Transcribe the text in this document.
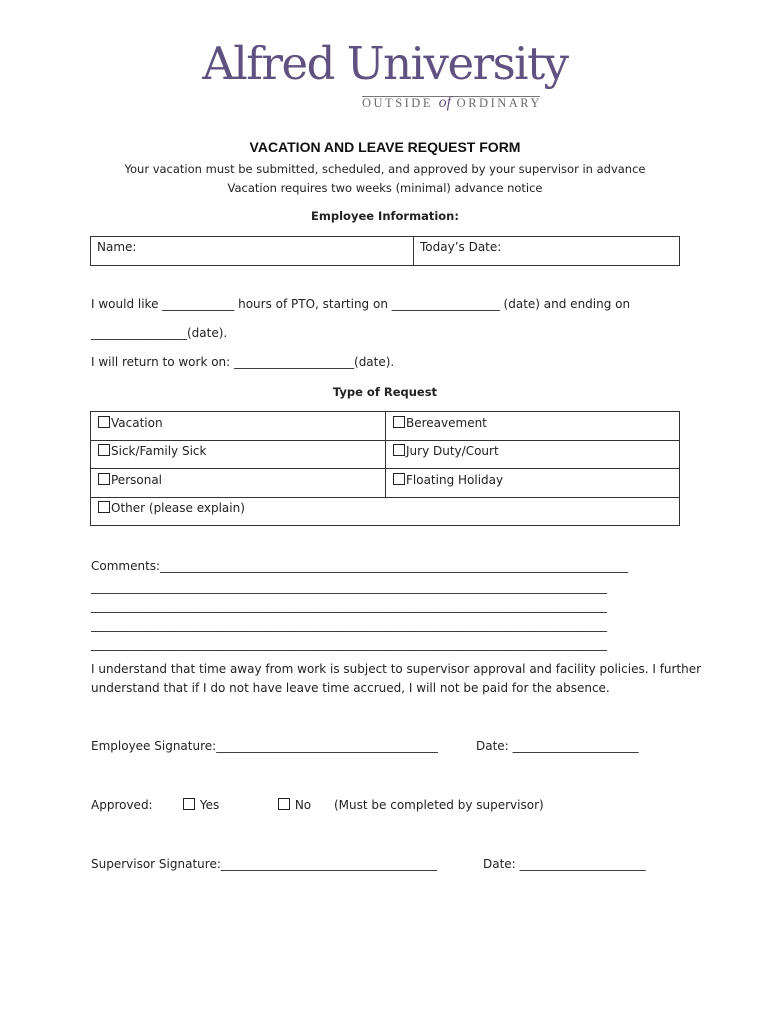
Alfred University
OUTSIDE of ORDINARY
VACATION AND LEAVE REQUEST FORM
Your vacation must be submitted, scheduled, and approved by your supervisor in advance
Vacation requires two weeks (minimal) advance notice
Employee Information:
Name:	Today’s Date:
I would like ____________ hours of PTO, starting on __________________ (date) and ending on
________________(date).
I will return to work on: ____________________(date).
Type of Request
Vacation	Bereavement
Sick/Family Sick	Jury Duty/Court
Personal	Floating Holiday
Other (please explain)
Comments:______________________________________________________________________________
______________________________________________________________________________________
______________________________________________________________________________________
______________________________________________________________________________________
______________________________________________________________________________________
I understand that time away from work is subject to supervisor approval and facility policies. I further
understand that if I do not have leave time accrued, I will not be paid for the absence.
Employee Signature:_____________________________________	Date: _____________________
Approved:	Yes	No (Must be completed by supervisor)
Supervisor Signature:____________________________________	Date: _____________________
